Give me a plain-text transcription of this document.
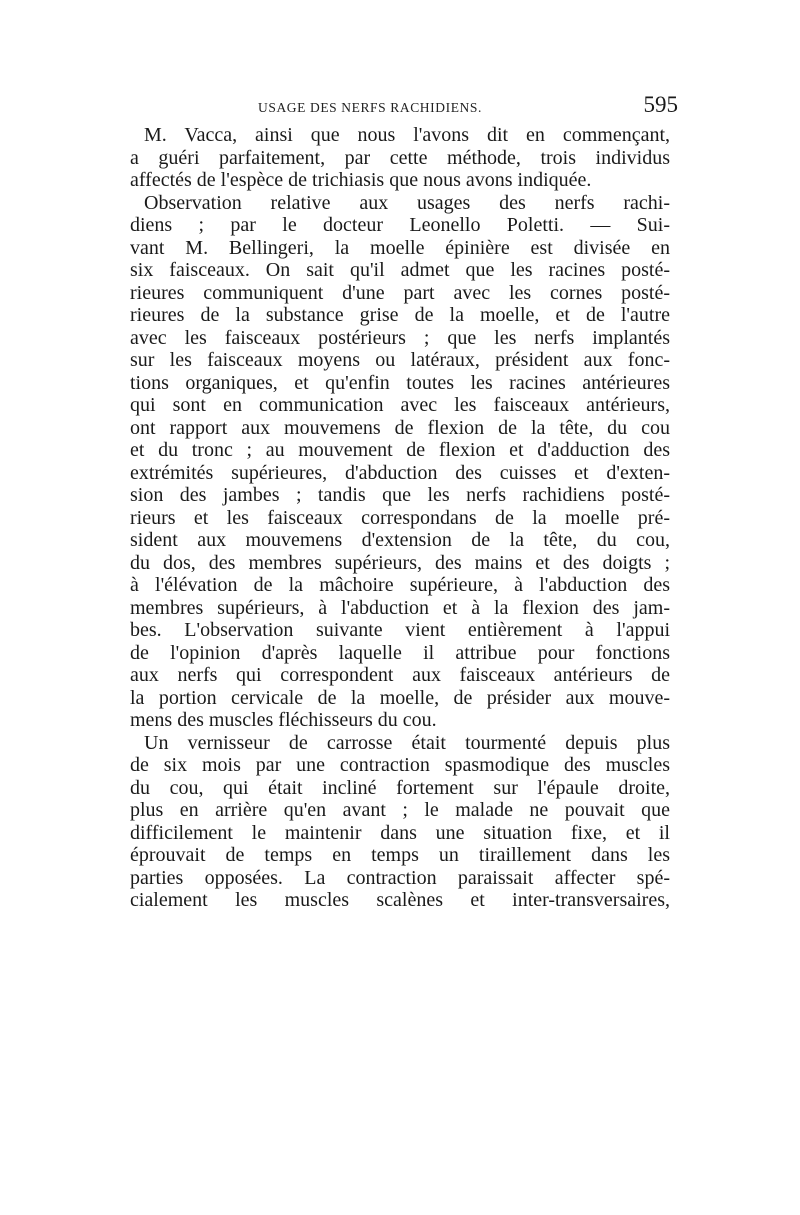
USAGE DES NERFS RACHIDIENS.	595
M. Vacca, ainsi que nous l'avons dit en commençant,
a guéri parfaitement, par cette méthode, trois individus
affectés de l'espèce de trichiasis que nous avons indiquée.
Observation relative aux usages des nerfs rachi-
diens ; par le docteur Leonello Poletti. — Sui-
vant M. Bellingeri, la moelle épinière est divisée en
six faisceaux. On sait qu'il admet que les racines posté-
rieures communiquent d'une part avec les cornes posté-
rieures de la substance grise de la moelle, et de l'autre
avec les faisceaux postérieurs ; que les nerfs implantés
sur les faisceaux moyens ou latéraux, président aux fonc-
tions organiques, et qu'enfin toutes les racines antérieures
qui sont en communication avec les faisceaux antérieurs,
ont rapport aux mouvemens de flexion de la tête, du cou
et du tronc ; au mouvement de flexion et d'adduction des
extrémités supérieures, d'abduction des cuisses et d'exten-
sion des jambes ; tandis que les nerfs rachidiens posté-
rieurs et les faisceaux correspondans de la moelle pré-
sident aux mouvemens d'extension de la tête, du cou,
du dos, des membres supérieurs, des mains et des doigts ;
à l'élévation de la mâchoire supérieure, à l'abduction des
membres supérieurs, à l'abduction et à la flexion des jam-
bes. L'observation suivante vient entièrement à l'appui
de l'opinion d'après laquelle il attribue pour fonctions
aux nerfs qui correspondent aux faisceaux antérieurs de
la portion cervicale de la moelle, de présider aux mouve-
mens des muscles fléchisseurs du cou.
Un vernisseur de carrosse était tourmenté depuis plus
de six mois par une contraction spasmodique des muscles
du cou, qui était incliné fortement sur l'épaule droite,
plus en arrière qu'en avant ; le malade ne pouvait que
difficilement le maintenir dans une situation fixe, et il
éprouvait de temps en temps un tiraillement dans les
parties opposées. La contraction paraissait affecter spé-
cialement les muscles scalènes et inter-transversaires,
